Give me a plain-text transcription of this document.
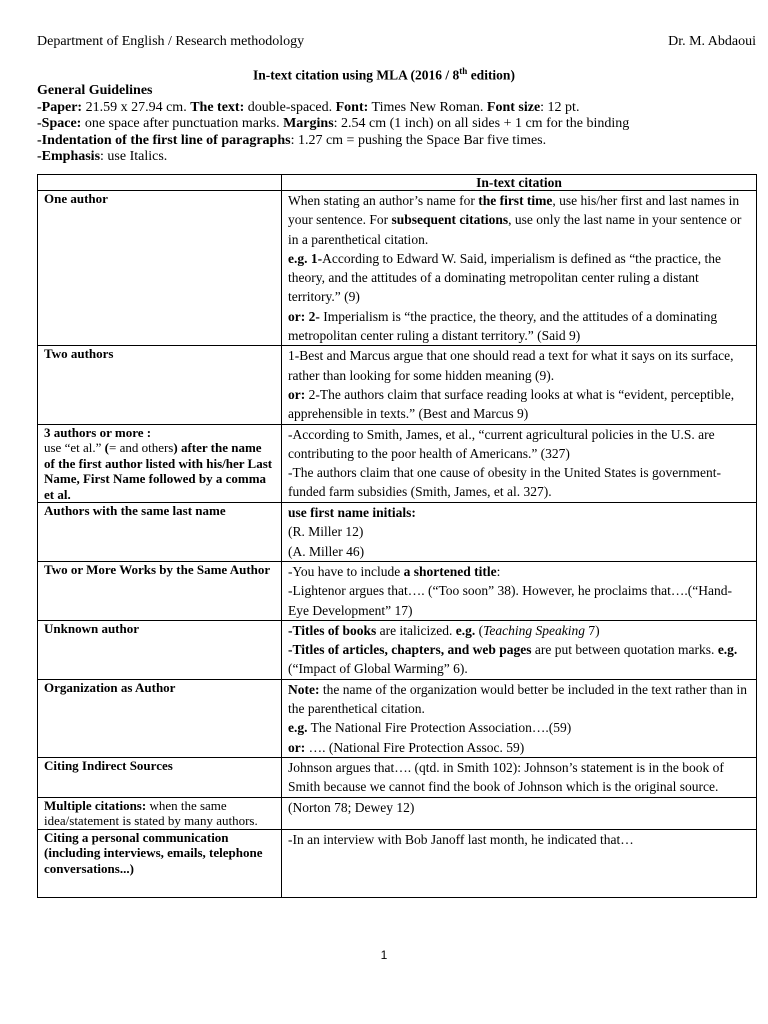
Department of English / Research methodology	Dr. M. Abdaoui
In-text citation using MLA (2016 / 8th edition)
General Guidelines
-Paper: 21.59 x 27.94 cm. The text: double-spaced. Font: Times New Roman. Font size: 12 pt.
-Space: one space after punctuation marks. Margins: 2.54 cm (1 inch) on all sides + 1 cm for the binding
-Indentation of the first line of paragraphs: 1.27 cm = pushing the Space Bar five times.
-Emphasis: use Italics.
	In-text citation
One author	When stating an author’s name for the first time, use his/her first and last names in your sentence. For subsequent citations, use only the last name in your sentence or in a parenthetical citation.
e.g. 1-According to Edward W. Said, imperialism is defined as “the practice, the theory, and the attitudes of a dominating metropolitan center ruling a distant territory.” (9)
or: 2- Imperialism is “the practice, the theory, and the attitudes of a dominating metropolitan center ruling a distant territory.” (Said 9)
Two authors	1-Best and Marcus argue that one should read a text for what it says on its surface, rather than looking for some hidden meaning (9).
or: 2-The authors claim that surface reading looks at what is “evident, perceptible, apprehensible in texts.” (Best and Marcus 9)
3 authors or more :
use “et al.” (= and others) after the name of the first author listed with his/her Last Name, First Name followed by a comma et al.	-According to Smith, James, et al., “current agricultural policies in the U.S. are contributing to the poor health of Americans.” (327)
-The authors claim that one cause of obesity in the United States is government-funded farm subsidies (Smith, James, et al. 327).
Authors with the same last name	use first name initials:
(R. Miller 12)
(A. Miller 46)
Two or More Works by the Same Author	-You have to include a shortened title:
-Lightenor argues that…. (“Too soon” 38). However, he proclaims that….(“Hand-Eye Development” 17)
Unknown author	-Titles of books are italicized. e.g. (Teaching Speaking 7)
-Titles of articles, chapters, and web pages are put between quotation marks. e.g. (“Impact of Global Warming” 6).
Organization as Author	Note: the name of the organization would better be included in the text rather than in the parenthetical citation.
e.g. The National Fire Protection Association….(59)
or: …. (National Fire Protection Assoc. 59)
Citing Indirect Sources	Johnson argues that…. (qtd. in Smith 102): Johnson’s statement is in the book of Smith because we cannot find the book of Johnson which is the original source.
Multiple citations: when the same idea/statement is stated by many authors.	(Norton 78; Dewey 12)
Citing a personal communication (including interviews, emails, telephone conversations...)	-In an interview with Bob Janoff last month, he indicated that…
1
